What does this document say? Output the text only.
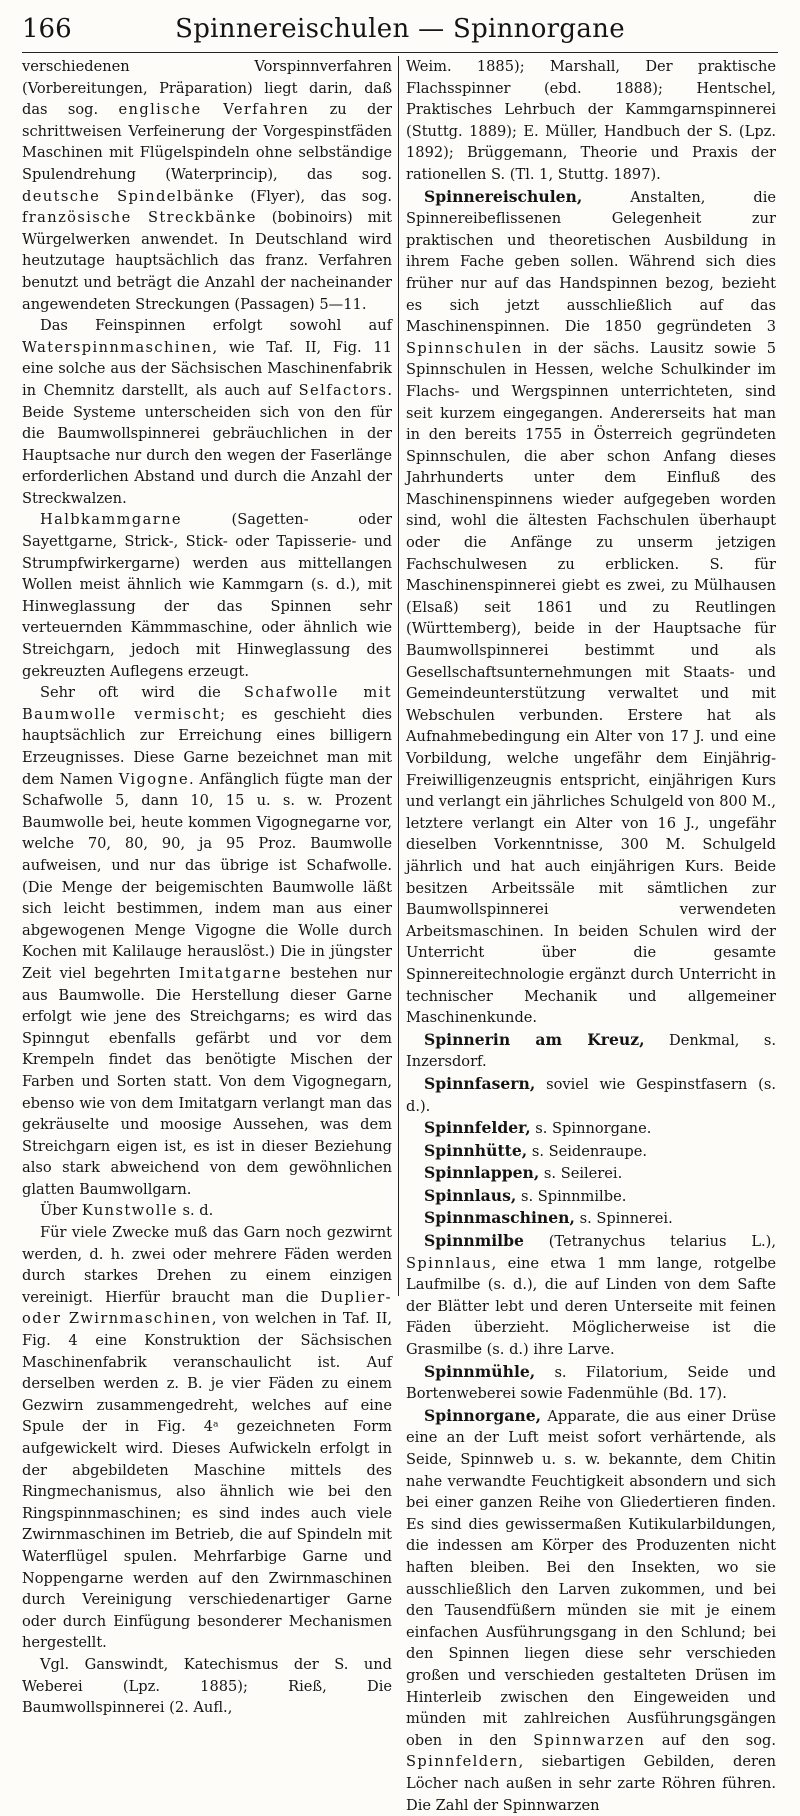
166	Spinnereischulen — Spinnorgane

verschiedenen Vorspinnverfahren (Vorbereitungen, Präparation) liegt darin, daß das sog. englische Verfahren zu der schrittweisen Verfeinerung der Vorgespinstfäden Maschinen mit Flügelspindeln ohne selbständige Spulendrehung (Waterprincip), das sog. deutsche Spindelbänke (Flyer), das sog. französische Streckbänke (bobinoirs) mit Würgelwerken anwendet. In Deutschland wird heutzutage hauptsächlich das franz. Verfahren benutzt und beträgt die Anzahl der nacheinander angewendeten Streckungen (Passagen) 5—11.

Das Feinspinnen erfolgt sowohl auf Waterspinnmaschinen, wie Taf. II, Fig. 11 eine solche aus der Sächsischen Maschinenfabrik in Chemnitz darstellt, als auch auf Selfactors. Beide Systeme unterscheiden sich von den für die Baumwollspinnerei gebräuchlichen in der Hauptsache nur durch den wegen der Faserlänge erforderlichen Abstand und durch die Anzahl der Streckwalzen.

Halbkammgarne (Sagetten- oder Sayettgarne, Strick-, Stick- oder Tapisserie- und Strumpfwirkergarne) werden aus mittellangen Wollen meist ähnlich wie Kammgarn (s. d.), mit Hinweglassung der das Spinnen sehr verteuernden Kämmmaschine, oder ähnlich wie Streichgarn, jedoch mit Hinweglassung des gekreuzten Auflegens erzeugt.

Sehr oft wird die Schafwolle mit Baumwolle vermischt; es geschieht dies hauptsächlich zur Erreichung eines billigern Erzeugnisses. Diese Garne bezeichnet man mit dem Namen Vigogne. Anfänglich fügte man der Schafwolle 5, dann 10, 15 u. s. w. Prozent Baumwolle bei, heute kommen Vigognegarne vor, welche 70, 80, 90, ja 95 Proz. Baumwolle aufweisen, und nur das übrige ist Schafwolle. (Die Menge der beigemischten Baumwolle läßt sich leicht bestimmen, indem man aus einer abgewogenen Menge Vigogne die Wolle durch Kochen mit Kalilauge herauslöst.) Die in jüngster Zeit viel begehrten Imitatgarne bestehen nur aus Baumwolle. Die Herstellung dieser Garne erfolgt wie jene des Streichgarns; es wird das Spinngut ebenfalls gefärbt und vor dem Krempeln findet das benötigte Mischen der Farben und Sorten statt. Von dem Vigognegarn, ebenso wie von dem Imitatgarn verlangt man das gekräuselte und moosige Aussehen, was dem Streichgarn eigen ist, es ist in dieser Beziehung also stark abweichend von dem gewöhnlichen glatten Baumwollgarn.

Über Kunstwolle s. d.

Für viele Zwecke muß das Garn noch gezwirnt werden, d. h. zwei oder mehrere Fäden werden durch starkes Drehen zu einem einzigen vereinigt. Hierfür braucht man die Duplier- oder Zwirnmaschinen, von welchen in Taf. II, Fig. 4 eine Konstruktion der Sächsischen Maschinenfabrik veranschaulicht ist. Auf derselben werden z. B. je vier Fäden zu einem Gezwirn zusammengedreht, welches auf eine Spule der in Fig. 4ᵃ gezeichneten Form aufgewickelt wird. Dieses Aufwickeln erfolgt in der abgebildeten Maschine mittels des Ringmechanismus, also ähnlich wie bei den Ringspinnmaschinen; es sind indes auch viele Zwirnmaschinen im Betrieb, die auf Spindeln mit Waterflügel spulen. Mehrfarbige Garne und Noppengarne werden auf den Zwirnmaschinen durch Vereinigung verschiedenartiger Garne oder durch Einfügung besonderer Mechanismen hergestellt.

Vgl. Ganswindt, Katechismus der S. und Weberei (Lpz. 1885); Rieß, Die Baumwollspinnerei (2. Aufl.,

Weim. 1885); Marshall, Der praktische Flachsspinner (ebd. 1888); Hentschel, Praktisches Lehrbuch der Kammgarnspinnerei (Stuttg. 1889); E. Müller, Handbuch der S. (Lpz. 1892); Brüggemann, Theorie und Praxis der rationellen S. (Tl. 1, Stuttg. 1897).

Spinnereischulen, Anstalten, die Spinnereibeflissenen Gelegenheit zur praktischen und theoretischen Ausbildung in ihrem Fache geben sollen. Während sich dies früher nur auf das Handspinnen bezog, bezieht es sich jetzt ausschließlich auf das Maschinenspinnen. Die 1850 gegründeten 3 Spinnschulen in der sächs. Lausitz sowie 5 Spinnschulen in Hessen, welche Schulkinder im Flachs- und Wergspinnen unterrichteten, sind seit kurzem eingegangen. Andererseits hat man in den bereits 1755 in Österreich gegründeten Spinnschulen, die aber schon Anfang dieses Jahrhunderts unter dem Einfluß des Maschinenspinnens wieder aufgegeben worden sind, wohl die ältesten Fachschulen überhaupt oder die Anfänge zu unserm jetzigen Fachschulwesen zu erblicken. S. für Maschinenspinnerei giebt es zwei, zu Mülhausen (Elsaß) seit 1861 und zu Reutlingen (Württemberg), beide in der Hauptsache für Baumwollspinnerei bestimmt und als Gesellschaftsunternehmungen mit Staats- und Gemeindeunterstützung verwaltet und mit Webschulen verbunden. Erstere hat als Aufnahmebedingung ein Alter von 17 J. und eine Vorbildung, welche ungefähr dem Einjährig-Freiwilligenzeugnis entspricht, einjährigen Kurs und verlangt ein jährliches Schulgeld von 800 M., letztere verlangt ein Alter von 16 J., ungefähr dieselben Vorkenntnisse, 300 M. Schulgeld jährlich und hat auch einjährigen Kurs. Beide besitzen Arbeitssäle mit sämtlichen zur Baumwollspinnerei verwendeten Arbeitsmaschinen. In beiden Schulen wird der Unterricht über die gesamte Spinnereitechnologie ergänzt durch Unterricht in technischer Mechanik und allgemeiner Maschinenkunde.

Spinnerin am Kreuz, Denkmal, s. Inzersdorf.

Spinnfasern, soviel wie Gespinstfasern (s. d.).

Spinnfelder, s. Spinnorgane.

Spinnhütte, s. Seidenraupe.

Spinnlappen, s. Seilerei.

Spinnlaus, s. Spinnmilbe.

Spinnmaschinen, s. Spinnerei.

Spinnmilbe (Tetranychus telarius L.), Spinnlaus, eine etwa 1 mm lange, rotgelbe Laufmilbe (s. d.), die auf Linden von dem Safte der Blätter lebt und deren Unterseite mit feinen Fäden überzieht. Möglicherweise ist die Grasmilbe (s. d.) ihre Larve.

Spinnmühle, s. Filatorium, Seide und Bortenweberei sowie Fadenmühle (Bd. 17).

Spinnorgane, Apparate, die aus einer Drüse eine an der Luft meist sofort verhärtende, als Seide, Spinnweb u. s. w. bekannte, dem Chitin nahe verwandte Feuchtigkeit absondern und sich bei einer ganzen Reihe von Gliedertieren finden. Es sind dies gewissermaßen Kutikularbildungen, die indessen am Körper des Produzenten nicht haften bleiben. Bei den Insekten, wo sie ausschließlich den Larven zukommen, und bei den Tausendfüßern münden sie mit je einem einfachen Ausführungsgang in den Schlund; bei den Spinnen liegen diese sehr verschieden großen und verschieden gestalteten Drüsen im Hinterleib zwischen den Eingeweiden und münden mit zahlreichen Ausführungsgängen oben in den Spinnwarzen auf den sog. Spinnfeldern, siebartigen Gebilden, deren Löcher nach außen in sehr zarte Röhren führen. Die Zahl der Spinnwarzen
